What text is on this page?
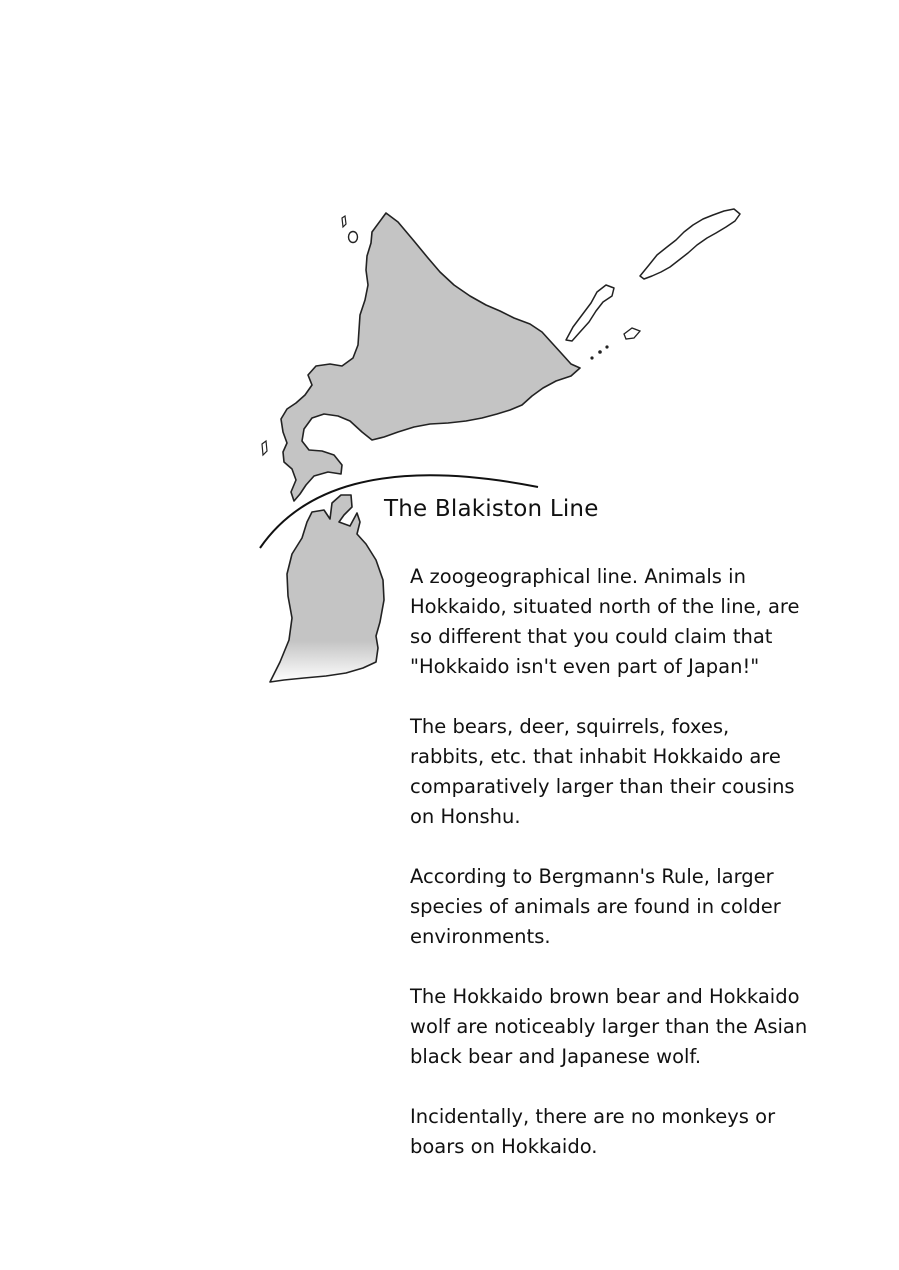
The Blakiston Line

A zoogeographical line. Animals in
Hokkaido, situated north of the line, are
so different that you could claim that
"Hokkaido isn't even part of Japan!"

The bears, deer, squirrels, foxes,
rabbits, etc. that inhabit Hokkaido are
comparatively larger than their cousins
on Honshu.

According to Bergmann's Rule, larger
species of animals are found in colder
environments.

The Hokkaido brown bear and Hokkaido
wolf are noticeably larger than the Asian
black bear and Japanese wolf.

Incidentally, there are no monkeys or
boars on Hokkaido.
